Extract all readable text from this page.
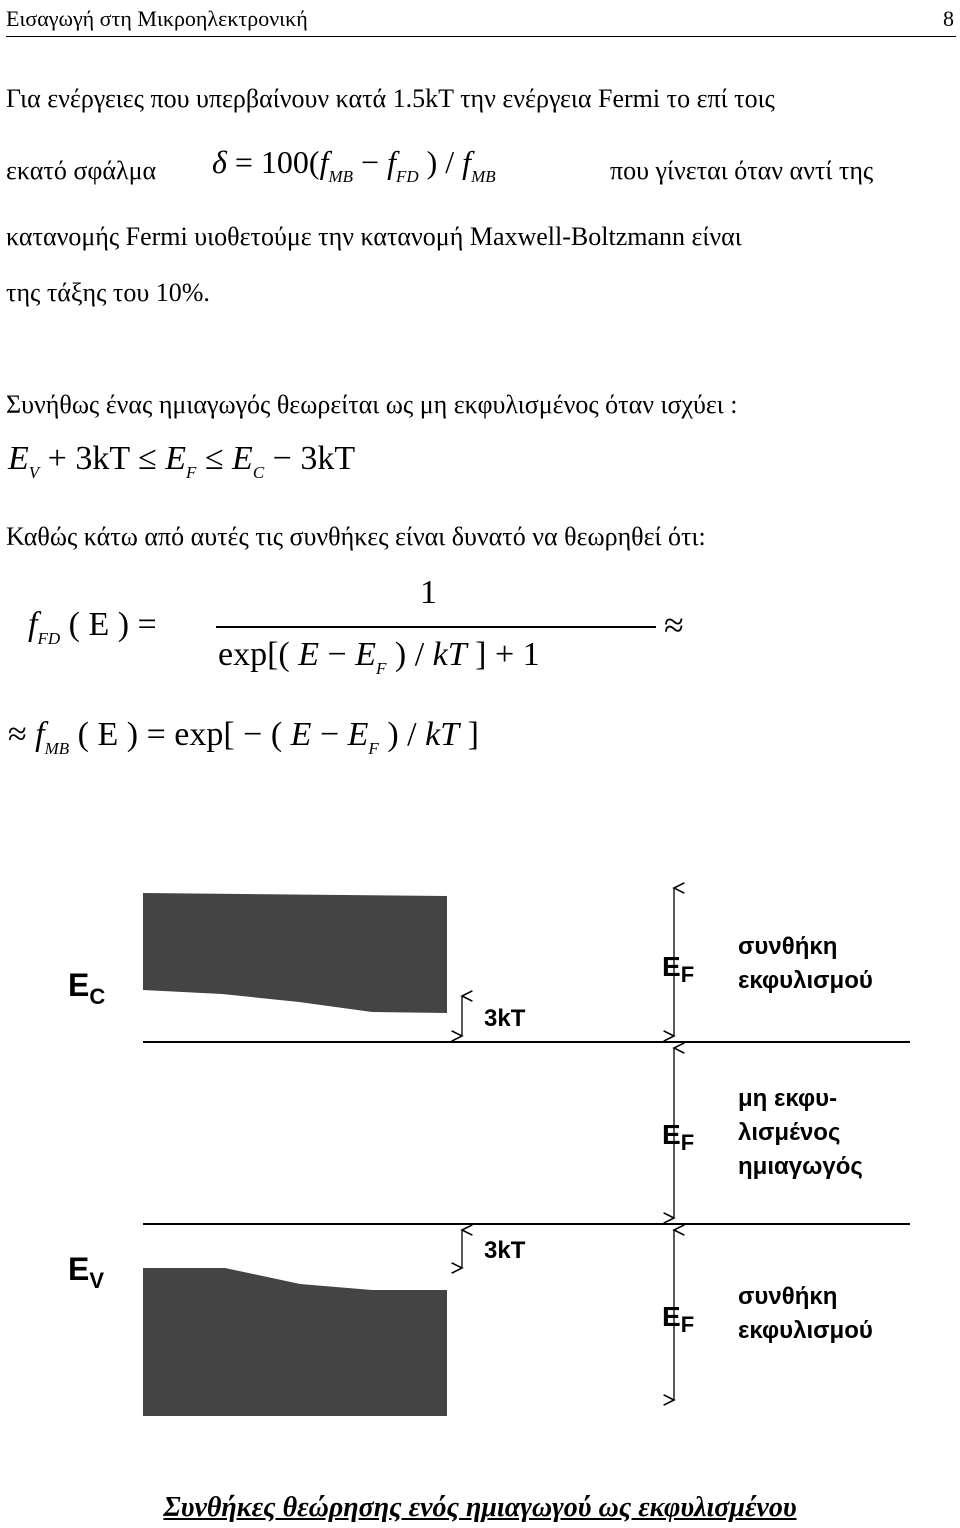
Εισαγωγή στη Μικροηλεκτρονική	8
Για ενέργειες που υπερβαίνουν κατά 1.5kT την ενέργεια Fermi το επί τοις
εκατό σφάλμα $\delta = 100(f_{MB} - f_{FD}$ ) / $f_{MB}$	που γίνεται όταν αντί της
κατανομής Fermi υιοθετούμε την κατανομή Maxwell-Boltzmann είναι
της τάξης του 10%.
Συνήθως ένας ημιαγωγός θεωρείται ως μη εκφυλισμένος όταν ισχύει :
$E_V + 3kT \le E_F \le E_C - 3kT$
Καθώς κάτω από αυτές τις συνθήκες είναι δυνατό να θεωρηθεί ότι:
$f_{FD}$ ( E ) =
1
exp[( $E - E_F$ ) / kT ] + 1
≈
≈ $f_{MB}$ ( E ) = exp[ − ( $E - E_F$ ) / kT ]
$E_C$
$E_V$
3kT
3kT
$E_F$
$E_F$
$E_F$
συνθήκη
εκφυλισμού
μη εκφυ-
λισμένος
ημιαγωγός
συνθήκη
εκφυλισμού
Συνθήκες θεώρησης ενός ημιαγωγού ως εκφυλισμένου
